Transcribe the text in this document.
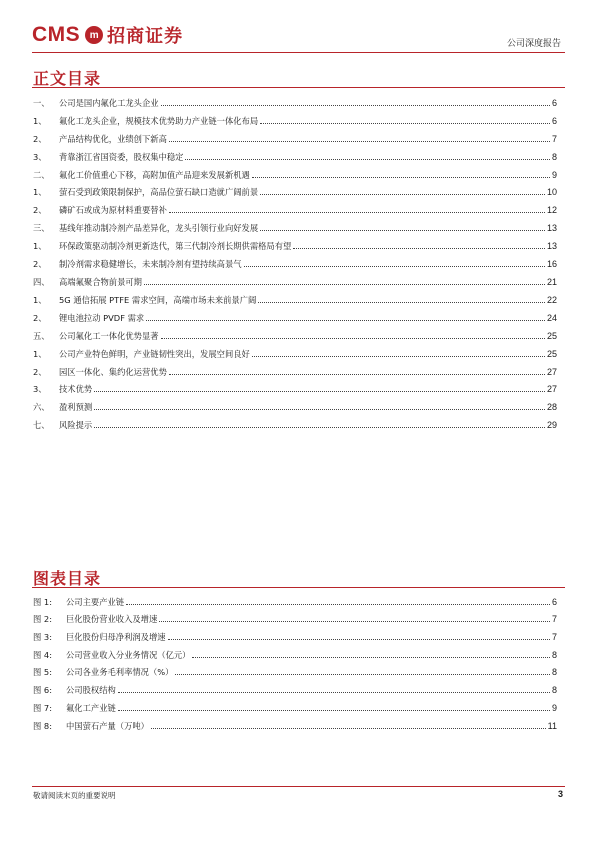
CMS m 招商证券	公司深度报告
正文目录
一、	公司是国内氟化工龙头企业	6
1、	氟化工龙头企业，规模技术优势助力产业链一体化布局	6
2、	产品结构优化，业绩创下新高	7
3、	背靠浙江省国资委，股权集中稳定	8
二、	氟化工价值重心下移，高附加值产品迎来发展新机遇	9
1、	萤石受到政策限制保护，高品位萤石缺口造就广阔前景	10
2、	磷矿石或成为原材料重要替补	12
三、	基线年推动制冷剂产品差异化，龙头引领行业向好发展	13
1、	环保政策驱动制冷剂更新迭代，第三代制冷剂长期供需格局有望	13
2、	制冷剂需求稳健增长，未来制冷剂有望持续高景气	16
四、	高端氟聚合物前景可期	21
1、	5G 通信拓展 PTFE 需求空间，高端市场未来前景广阔	22
2、	锂电池拉动 PVDF 需求	24
五、	公司氟化工一体化优势显著	25
1、	公司产业特色鲜明，产业链韧性突出，发展空间良好	25
2、	园区一体化、集约化运营优势	27
3、	技术优势	27
六、	盈利预测	28
七、	风险提示	29
图表目录
图 1:	公司主要产业链	6
图 2:	巨化股份营业收入及增速	7
图 3:	巨化股份归母净利润及增速	7
图 4:	公司营业收入分业务情况（亿元）	8
图 5:	公司各业务毛利率情况（%）	8
图 6:	公司股权结构	8
图 7:	氟化工产业链	9
图 8:	中国萤石产量（万吨）	11
敬请阅读末页的重要说明	3
